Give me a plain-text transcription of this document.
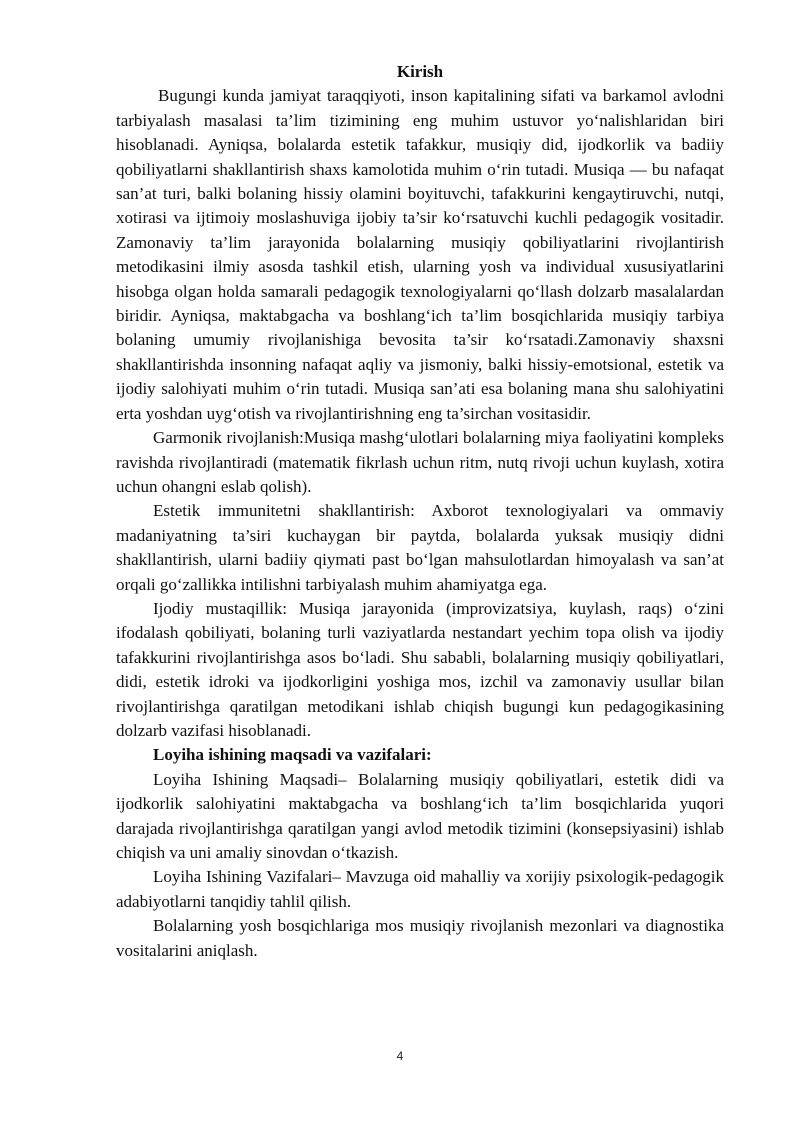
Kirish

Bugungi kunda jamiyat taraqqiyoti, inson kapitalining sifati va barkamol avlodni tarbiyalash masalasi ta’lim tizimining eng muhim ustuvor yo‘nalishlaridan biri hisoblanadi. Ayniqsa, bolalarda estetik tafakkur, musiqiy did, ijodkorlik va badiiy qobiliyatlarni shakllantirish shaxs kamolotida muhim o‘rin tutadi. Musiqa — bu nafaqat san’at turi, balki bolaning hissiy olamini boyituvchi, tafakkurini kengaytiruvchi, nutqi, xotirasi va ijtimoiy moslashuviga ijobiy ta’sir ko‘rsatuvchi kuchli pedagogik vositadir. Zamonaviy ta’lim jarayonida bolalarning musiqiy qobiliyatlarini rivojlantirish metodikasini ilmiy asosda tashkil etish, ularning yosh va individual xususiyatlarini hisobga olgan holda samarali pedagogik texnologiyalarni qo‘llash dolzarb masalalardan biridir. Ayniqsa, maktabgacha va boshlang‘ich ta’lim bosqichlarida musiqiy tarbiya bolaning umumiy rivojlanishiga bevosita ta’sir ko‘rsatadi.Zamonaviy shaxsni shakllantirishda insonning nafaqat aqliy va jismoniy, balki hissiy-emotsional, estetik va ijodiy salohiyati muhim o‘rin tutadi. Musiqa san’ati esa bolaning mana shu salohiyatini erta yoshdan uyg‘otish va rivojlantirishning eng ta’sirchan vositasidir.

Garmonik rivojlanish:Musiqa mashg‘ulotlari bolalarning miya faoliyatini kompleks ravishda rivojlantiradi (matematik fikrlash uchun ritm, nutq rivoji uchun kuylash, xotira uchun ohangni eslab qolish).

Estetik immunitetni shakllantirish: Axborot texnologiyalari va ommaviy madaniyatning ta’siri kuchaygan bir paytda, bolalarda yuksak musiqiy didni shakllantirish, ularni badiiy qiymati past bo‘lgan mahsulotlardan himoyalash va san’at orqali go‘zallikka intilishni tarbiyalash muhim ahamiyatga ega.

Ijodiy mustaqillik: Musiqa jarayonida (improvizatsiya, kuylash, raqs) o‘zini ifodalash qobiliyati, bolaning turli vaziyatlarda nestandart yechim topa olish va ijodiy tafakkurini rivojlantirishga asos bo‘ladi. Shu sababli, bolalarning musiqiy qobiliyatlari, didi, estetik idroki va ijodkorligini yoshiga mos, izchil va zamonaviy usullar bilan rivojlantirishga qaratilgan metodikani ishlab chiqish bugungi kun pedagogikasining dolzarb vazifasi hisoblanadi.

Loyiha ishining maqsadi va vazifalari:

Loyiha Ishining Maqsadi– Bolalarning musiqiy qobiliyatlari, estetik didi va ijodkorlik salohiyatini maktabgacha va boshlang‘ich ta’lim bosqichlarida yuqori darajada rivojlantirishga qaratilgan yangi avlod metodik tizimini (konsepsiyasini) ishlab chiqish va uni amaliy sinovdan o‘tkazish.

Loyiha Ishining Vazifalari– Mavzuga oid mahalliy va xorijiy psixologik-pedagogik adabiyotlarni tanqidiy tahlil qilish.

Bolalarning yosh bosqichlariga mos musiqiy rivojlanish mezonlari va diagnostika vositalarini aniqlash.

4
